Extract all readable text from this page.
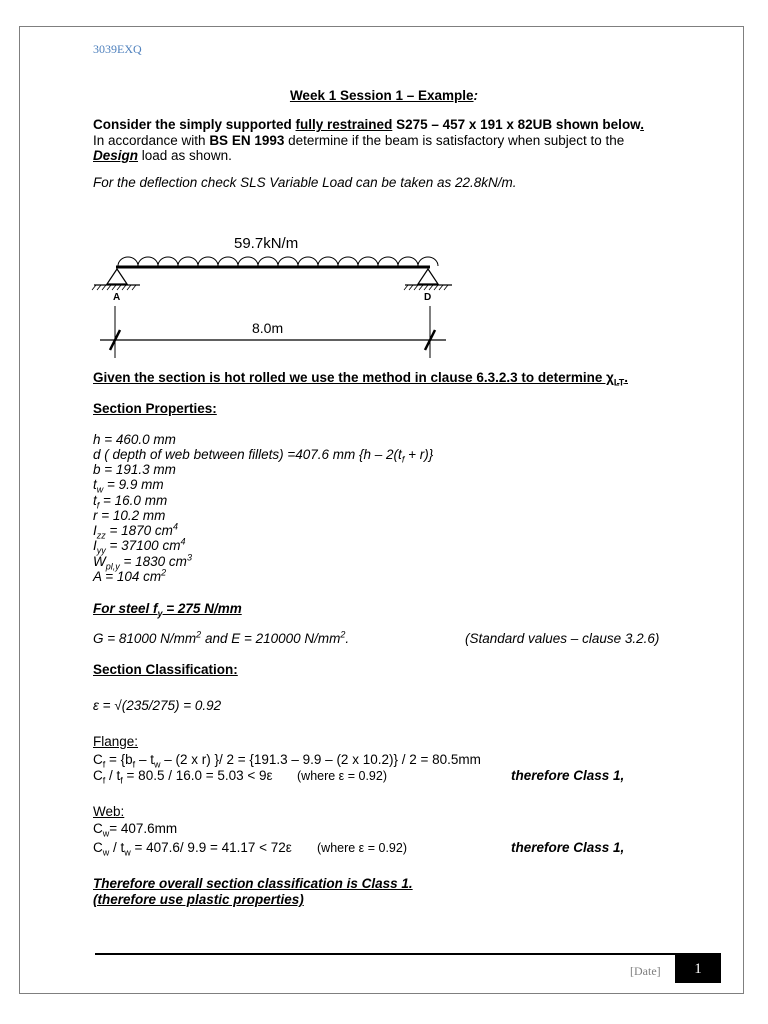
3039EXQ
Week 1 Session 1 – Example:
Consider the simply supported fully restrained S275 – 457 x 191 x 82UB shown below.
In accordance with BS EN 1993 determine if the beam is satisfactory when subject to the
Design load as shown.
For the deflection check SLS Variable Load can be taken as 22.8kN/m.
59.7kN/m
A	D
8.0m
Given the section is hot rolled we use the method in clause 6.3.2.3 to determine $\chi_{LT}$.
Section Properties:
h = 460.0 mm
d ( depth of web between fillets) =407.6 mm $\{h - 2(t_f + r)\}$
b = 191.3 mm
$t_w = 9.9$ mm
$t_f = 16.0$ mm
r = 10.2 mm
$I_{zz} = 1870$ $cm^4$
$I_{yy} = 37100$ $cm^4$
$W_{pl,y} = 1830$ $cm^3$
A = 104 $cm^2$
For steel $f_y = 275$ N/mm
G = 81000 $N/mm^2$ and E = 210000 $N/mm^2$.	(Standard values – clause 3.2.6)
Section Classification:
ε = √(235/275) = 0.92
Flange:
$C_f = \{b_f - t_w - (2$ x r) }/ 2 = {191.3 – 9.9 – (2 x 10.2)} / 2 = 80.5mm
$C_f / t_f = 80.5 / 16.0 = 5.03 < 9\varepsilon$ (where ε = 0.92)	therefore Class 1,
Web:
$C_w= 407.6mm$
$C_w / t_w = 407.6/$ 9.9 = 41.17 < 72ε (where ε = 0.92)	therefore Class 1,
Therefore overall section classification is Class 1.
(therefore use plastic properties)
[Date]	1
